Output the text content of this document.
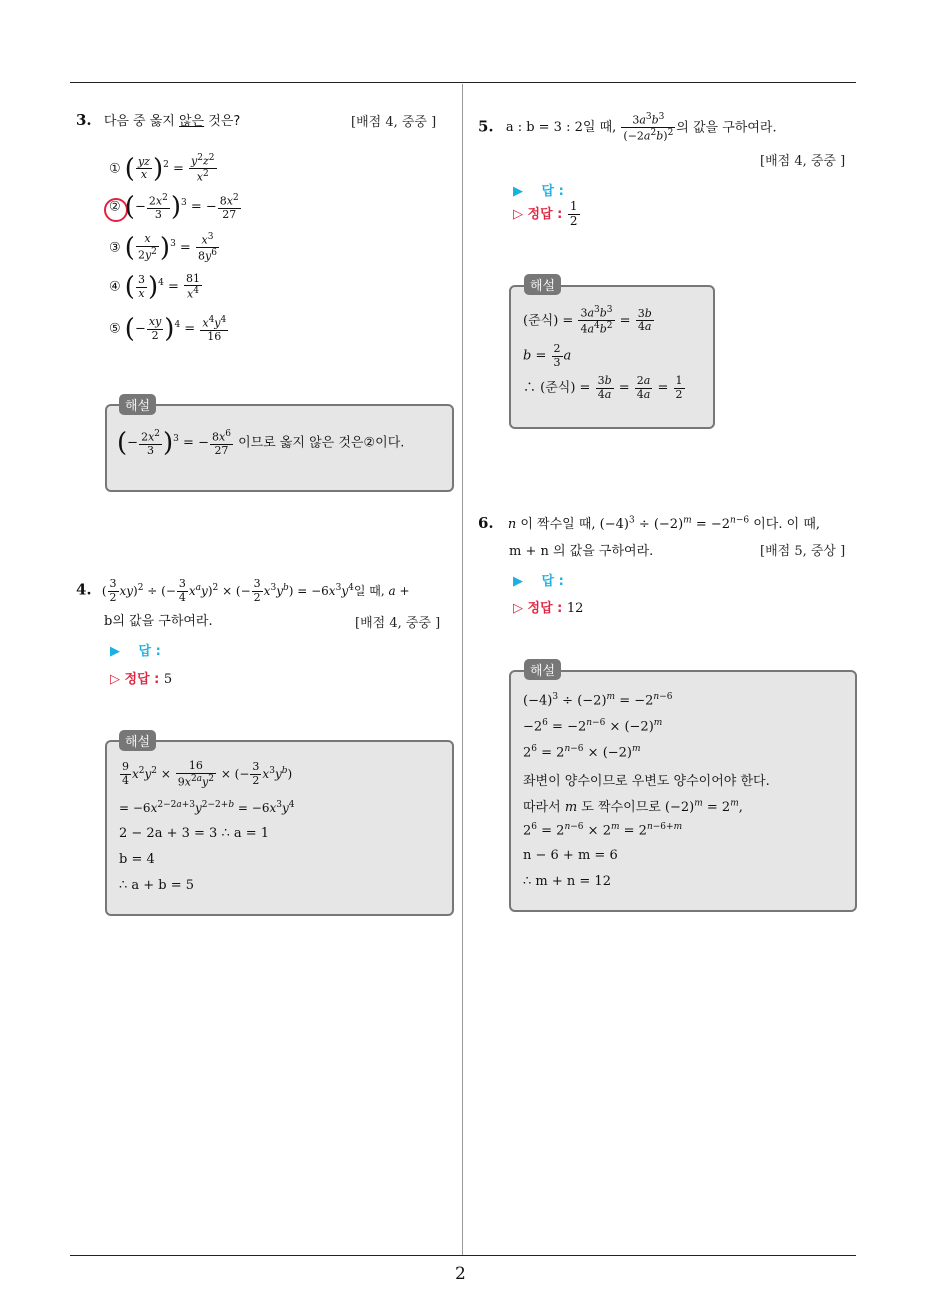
2
3. 다음 중 옳지 않은 것은?	[배점 4, 중중 ]
① ( $\frac{yz}{x} )^2 = \frac{y^2z^2}{x^2}$
② (− $\frac{2x^2}{3} )^3$ = − $\frac{8x^2}{27}$
③ ( $\frac{x}{2y^2} )^3 = \frac{x^3}{8y^6}$
④ ( $\frac{3}{x} )^4 = \frac{81}{x^4}$
⑤ (− $\frac{xy}{2} )^4 = \frac{x^4y^4}{16}$
(− $\frac{2x^2}{3} )^3$ = − $\frac{8x^6}{27}$ 이므로 옳지 않은 것은②이다.
해설
4. ( $\frac{3}{2} xy)^2$ ÷ (− $\frac{3}{4} x^ay)^2$ × (− $\frac{3}{2} x^3y^b) = -6x^3y^4$일 때, a +
b의 값을 구하여라.	[배점 4, 중중 ]
▶ 답 :
▷ 정답 : 5
$\frac{9}{4} x^2y^2 \times \frac{16}{9x^{2a}y^2}$ × (− $\frac{3}{2} x^3y^b$)
= $-6x^{2-2a+3}y^{2-2+b} = -6x^3y^4$
2 − 2a + 3 = 3 ∴ a = 1
b = 4
∴ a + b = 5
해설
5. a : b = 3 : 2일 때, $\frac{3a^3b^3}{(-2a^2b)^2}$ 의 값을 구하여라.
[배점 4, 중중 ]
▶ 답 :
▷ 정답 : $\frac{1}{2}$
(준식) = $\frac{3a^3b^3}{4a^4b^2} = \frac{3b}{4a}$
$b = \frac{2}{3}$ a
∴ (준식) = $\frac{3b}{4a} = \frac{2a}{4a} = \frac{1}{2}$
해설
6. n 이 짝수일 때, $(-4)^3 \div (-2)^m = -2^{n-6}$ 이다. 이 때,
m + n 의 값을 구하여라.	[배점 5, 중상 ]
▶ 답 :
▷ 정답 : 12
$(-4)^3 \div (-2)^m = -2^{n-6}$
$-2^6 = -2^{n-6} \times (-2)^m$
$2^6 = 2^{n-6} \times (-2)^m$
좌변이 양수이므로 우변도 양수이어야 한다.
따라서 m 도 짝수이므로 $(-2)^m = 2^m$,
$2^6 = 2^{n-6} \times 2^m = 2^{n-6+m}$
n − 6 + m = 6
∴ m + n = 12
해설
